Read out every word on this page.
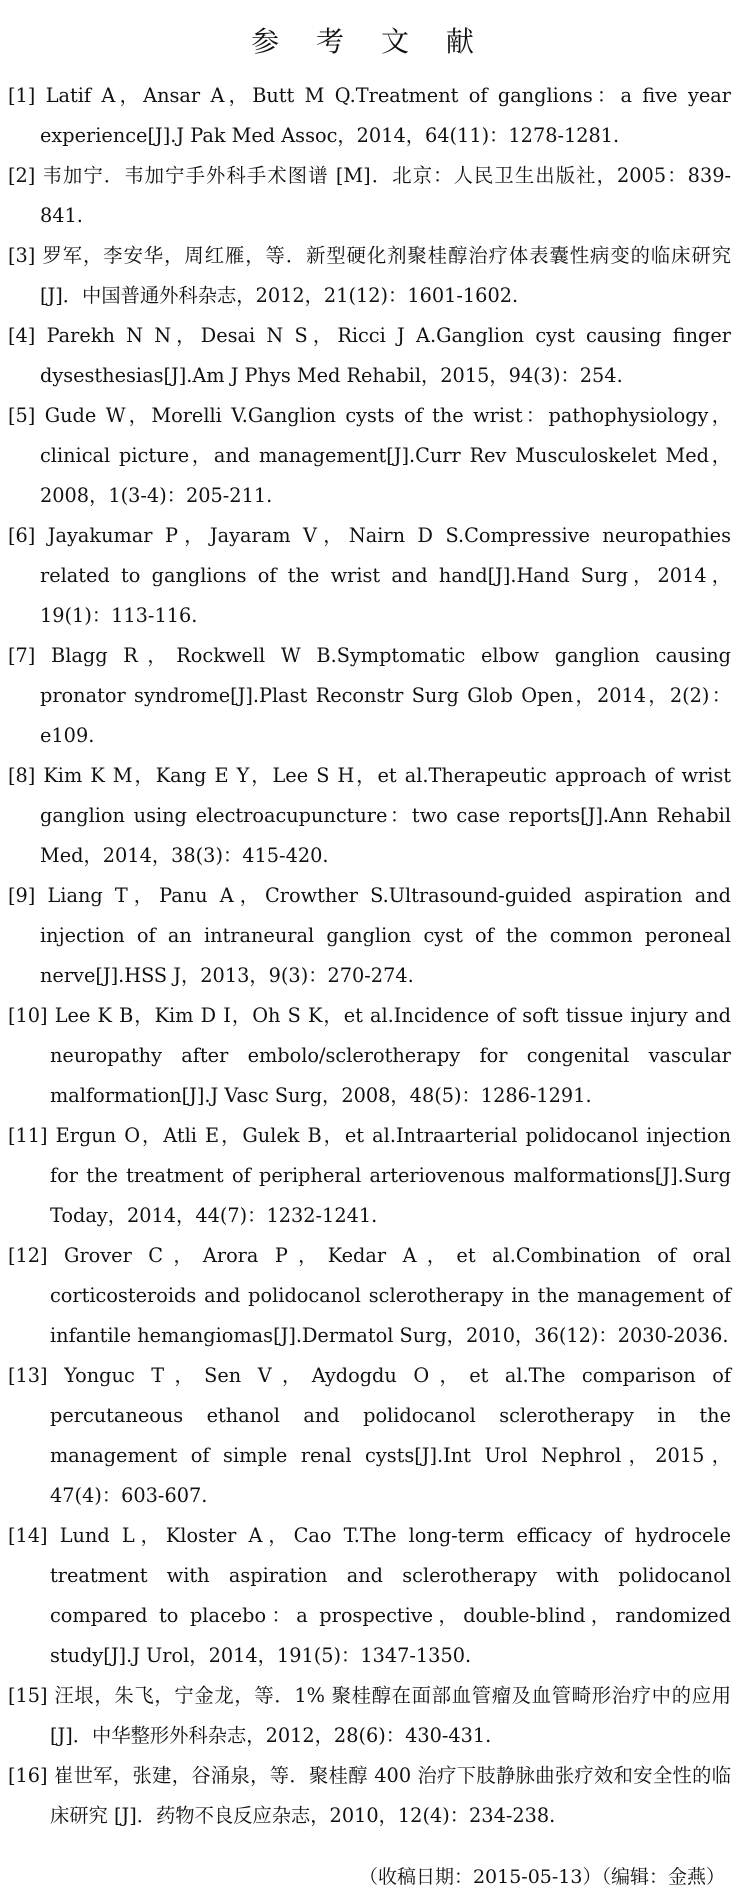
参 考 文 献
[1] Latif A，Ansar A，Butt M Q.Treatment of ganglions：a five year experience[J].J Pak Med Assoc，2014，64(11)：1278-1281.
[2] 韦加宁．韦加宁手外科手术图谱 [M]．北京：人民卫生出版社，2005：839-841.
[3] 罗军，李安华，周红雁，等．新型硬化剂聚桂醇治疗体表囊性病变的临床研究 [J]．中国普通外科杂志，2012，21(12)：1601-1602.
[4] Parekh N N，Desai N S，Ricci J A.Ganglion cyst causing finger dysesthesias[J].Am J Phys Med Rehabil，2015，94(3)：254.
[5] Gude W，Morelli V.Ganglion cysts of the wrist：pathophysiology，clinical picture，and management[J].Curr Rev Musculoskelet Med，2008，1(3-4)：205-211.
[6] Jayakumar P，Jayaram V，Nairn D S.Compressive neuropathies related to ganglions of the wrist and hand[J].Hand Surg，2014，19(1)：113-116.
[7] Blagg R，Rockwell W B.Symptomatic elbow ganglion causing pronator syndrome[J].Plast Reconstr Surg Glob Open，2014，2(2)：e109.
[8] Kim K M，Kang E Y，Lee S H，et al.Therapeutic approach of wrist ganglion using electroacupuncture：two case reports[J].Ann Rehabil Med，2014，38(3)：415-420.
[9] Liang T，Panu A，Crowther S.Ultrasound-guided aspiration and injection of an intraneural ganglion cyst of the common peroneal nerve[J].HSS J，2013，9(3)：270-274.
[10] Lee K B，Kim D I，Oh S K，et al.Incidence of soft tissue injury and neuropathy after embolo/sclerotherapy for congenital vascular malformation[J].J Vasc Surg，2008，48(5)：1286-1291.
[11] Ergun O，Atli E，Gulek B，et al.Intraarterial polidocanol injection for the treatment of peripheral arteriovenous malformations[J].Surg Today，2014，44(7)：1232-1241.
[12] Grover C，Arora P，Kedar A，et al.Combination of oral corticosteroids and polidocanol sclerotherapy in the management of infantile hemangiomas[J].Dermatol Surg，2010，36(12)：2030-2036.
[13] Yonguc T，Sen V，Aydogdu O，et al.The comparison of percutaneous ethanol and polidocanol sclerotherapy in the management of simple renal cysts[J].Int Urol Nephrol，2015，47(4)：603-607.
[14] Lund L，Kloster A，Cao T.The long-term efficacy of hydrocele treatment with aspiration and sclerotherapy with polidocanol compared to placebo：a prospective，double-blind，randomized study[J].J Urol，2014，191(5)：1347-1350.
[15] 汪垠，朱飞，宁金龙，等．1% 聚桂醇在面部血管瘤及血管畸形治疗中的应用 [J]．中华整形外科杂志，2012，28(6)：430-431.
[16] 崔世军，张建，谷涌泉，等．聚桂醇 400 治疗下肢静脉曲张疗效和安全性的临床研究 [J]．药物不良反应杂志，2010，12(4)：234-238.
（收稿日期：2015-05-13）（编辑：金燕）
